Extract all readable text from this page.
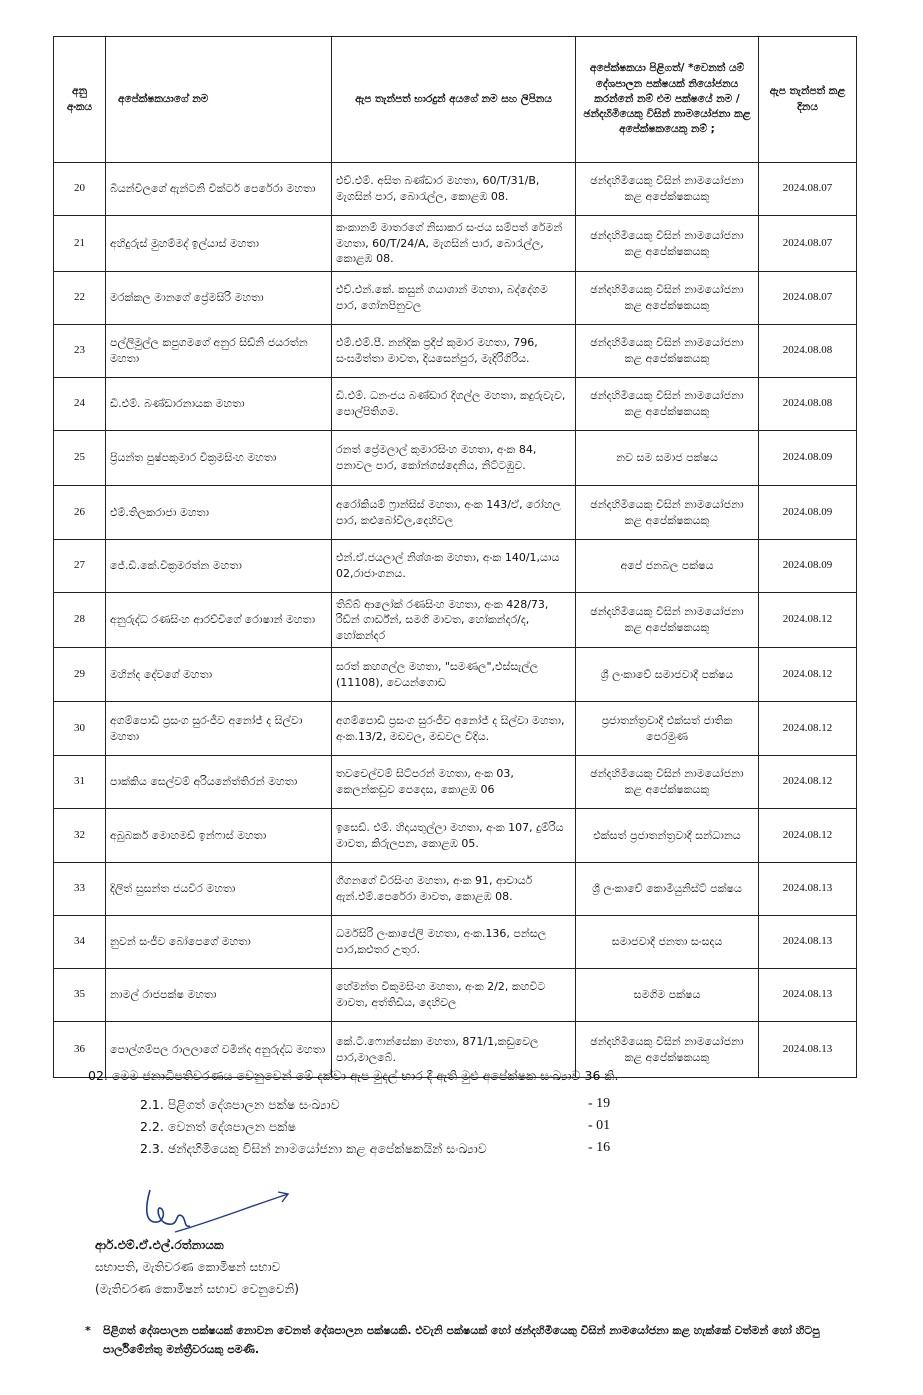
අනු අංකය	අපේක්ෂකයාගේ නම	ඇප තැන්පත් භාරදුන් අයගේ නම සහ ලිපිනය	අපේක්ෂකයා පිළිගත්/ *වෙනත් යම් දේශපාලන පක්ෂයක් නියෝජනය කරන්නේ නම් එම පක්ෂයේ නම / ඡන්දහිමියෙකු විසින් නාමයෝජනා කළ අපේක්ෂකයෙකු නම් ;	ඇප තැන්පත් කළ දිනය
20	බියන්විලගේ ඇන්ටනි වික්ටර් පෙරේරා මහතා	එච්.එම්. අසිත බණ්ඩාර මහතා, 60/T/31/B, මැගසින් පාර, බොරැල්ල, කොළඹ 08.	ඡන්දහිමියෙකු විසින් නාමයෝජනා කළ අපේක්ෂකයකු	2024.08.07
21	අහිදුරුස් මුහම්මද් ඉල්යාස් මහතා	කංකානම් මාතරගේ නිසාකර සංජය සම්පත් රේමන් මහතා, 60/T/24/A, මැගසින් පාර, බොරැල්ල, කොළඹ 08.	ඡන්දහිමියෙකු විසින් නාමයෝජනා කළ අපේක්ෂකයකු	2024.08.07
22	මරක්කල මානගේ ප්‍රේමසිරි මහතා	එච්.එන්.කේ. කසුන් ගයාශාන් මහතා, බද්දේගම පාර, ගෝනපිනුවල	ඡන්දහිමියෙකු විසින් නාමයෝජනා කළ අපේක්ෂකයකු	2024.08.07
23	පල්ලිමුල්ල කපුගමගේ අනුර සිඩ්නි ජයරත්න මහතා	එම්.එම්.පී. නන්දික ප්‍රදීප් කුමාර මහතා, 796, සංඝමිත්තා මාවත, දියසෙන්පුර, මැදිරිගිරිය.	ඡන්දහිමියෙකු විසින් නාමයෝජනා කළ අපේක්ෂකයකු	2024.08.08
24	ඩී.එම්. බණ්ඩාරනායක මහතා	ඩී.එම්. ධනංජය බණ්ඩාර දිගල්ල මහතා, කදුරුවැව, පොල්පිතිගම.	ඡන්දහිමියෙකු විසින් නාමයෝජනා කළ අපේක්ෂකයකු	2024.08.08
25	ප්‍රියන්ත පුෂ්පකුමාර වික්‍රමසිංහ මහතා	රනත් ප්‍රේමලාල් කුමාරසිංහ මහතා, අංක 84, පනාවල පාර, කෝන්ගස්දෙනිය, නිට්ටඹුව.	නව සම සමාජ පක්ෂය	2024.08.09
26	එම්.තිලකරාජා මහතා	අරෝකියම් ෆ්‍රාන්සිස් මහතා, අංක 143/ඒ, රෝහල පාර, කළුබෝවිල,දෙහිවල	ඡන්දහිමියෙකු විසින් නාමයෝජනා කළ අපේක්ෂකයකු	2024.08.09
27	ජේ.ඩී.කේ.වික්‍රමරත්න මහතා	එන්.ඒ.ජයලාල් නිශ්ශංක මහතා, අංක 140/1,යාය 02,රාජාංගනය.	අපේ ජනබල පක්ෂය	2024.08.09
28	අනුරුද්ධ රණසිංහ ආරච්චිගේ රොෂාන් මහතා	තිබ්බ් ආලෝක් රණසිංහ මහතා, අංක 428/73, රිඩ්න් ගාර්ඩ්න්, සමගි මාවත, හෝකන්දර/ද, හෝකන්දර	ඡන්දහිමියෙකු විසින් නාමයෝජනා කළ අපේක්ෂකයකු	2024.08.12
29	මහින්ද දේවගේ මහතා	සරත් කහගල්ල මහතා, "සමණල",එස්සැල්ල (11108), වෙයන්ගොඩ	ශ්‍රී ලංකාවේ සමාජවාදී පක්ෂය	2024.08.12
30	අගම්පොඩි ප්‍රසංග සුරංජීව අනෝජ් ද සිල්වා මහතා	අගම්පොඩි ප්‍රසංග සුරංජීව අනෝජ් ද සිල්වා මහතා, අංක.13/2, මඩවල, මඩවල වීදිය.	ප්‍රජාතන්ත්‍රවාදී එක්සත් ජාතික පෙරමුණ	2024.08.12
31	පාක්කිය සෙල්වම් අරියනේත්තිරන් මහතා	තවචෙල්වම් සිට්පරන් මහතා, අංක 03, කෙලන්කඩුව පෙදෙස, කොළඹ 06	ඡන්දහිමියෙකු විසින් නාමයෝජනා කළ අපේක්ෂකයකු	2024.08.12
32	අබුබකර් මොහමඩ් ඉන්ෆාස් මහතා	ඉසෙඩ්. එම්. හිදායතුල්ලා මහතා, අංක 107, දුම්රිය මාවත, කිරුලපන, කොළඹ 05.	එක්සත් ප්‍රජාතන්ත්‍රවාදී සන්ධානය	2024.08.12
33	දිලිත් සුසන්ත ජයවීර මහතා	ගීගනගේ වීරසිංහ මහතා, අංක 91, ආචාර්ය ඇන්.එම්.පෙරේරා මාවත, කොළඹ 08.	ශ්‍රී ලංකාවේ කොමියුනිස්ට් පක්ෂය	2024.08.13
34	නුවන් සංජීව බෝපෙගේ මහතා	ධර්මසිරි ලංකාපේලි මහතා, අංක.136, පන්සල පාර,කළුතර උතුර.	සමාජවාදී ජනතා සංසදය	2024.08.13
35	නාමල් රාජපක්ෂ මහතා	හේමන්ත විකුමසිංහ මහතා, අංක 2/2, කහවිට මාවත, අත්තිඩිය, දෙහිවල	සමගිම පක්ෂය	2024.08.13
36	පොල්ගම්පල රාලලාගේ වමින්ද අනුරුද්ධ මහතා	කේ.ටී.ෆොන්සේකා මහතා, 871/1,කඩුවෙල පාර,මාලබේ.	ඡන්දහිමියෙකු විසින් නාමයෝජනා කළ අපේක්ෂකයකු	2024.08.13
02. මෙම ජනාධිපතිවරණය වෙනුවෙන් මේ දක්වා ඇප මුදල් භාර දී ඇති මුළු අපේක්ෂක සංඛ්‍යාව 36 කි.
2.1. පිළිගත් දේශපාලන පක්ෂ සංඛ්‍යාව	- 19
2.2. වෙනත් දේශපාලන පක්ෂ	- 01
2.3. ඡන්දහිමියෙකු විසින් නාමයෝජනා කළ අපේක්ෂකයින් සංඛ්‍යාව	- 16
ආර්.එම්.ඒ.එල්.රත්නායක
සභාපති, මැතිවරණ කොමිෂන් සභාව
(මැතිවරණ කොමිෂන් සභාව වෙනුවෙනි)
* පිළිගත් දේශපාලන පක්ෂයක් නොවන වෙනත් දේශපාලන පක්ෂයකි. එවැනි පක්ෂයක් හෝ ඡන්දහිමියෙකු විසින් නාමයෝජනා කළ හැක්කේ වත්මන් හෝ හිටපු පාර්ලිමේන්තු මන්ත්‍රීවරයකු පමණි.
